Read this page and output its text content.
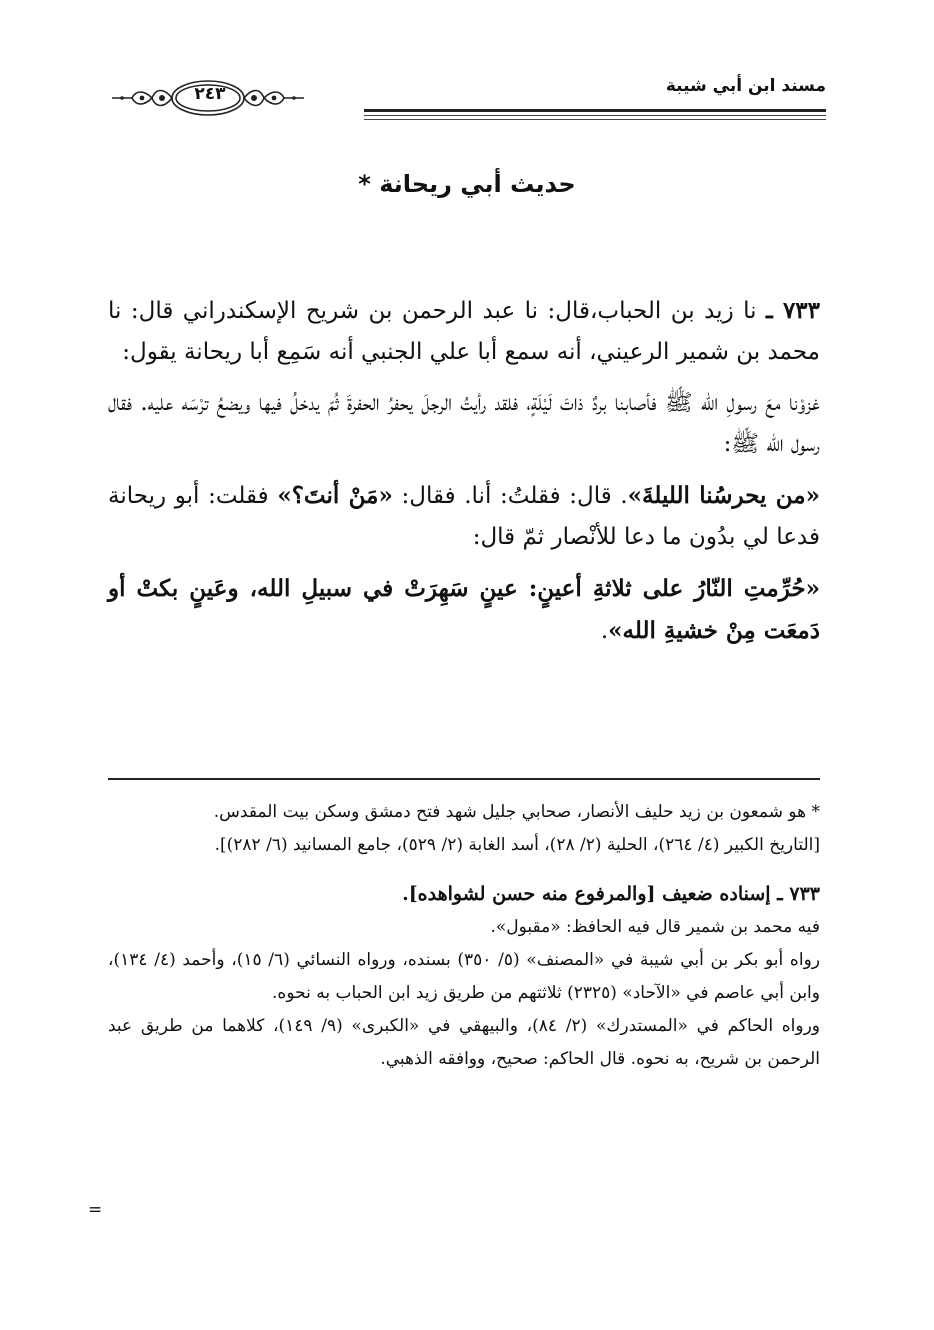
مسند ابن أبي شيبة
٢٤٣
حديث أبي ريحانة *

٧٣٣ ـ نا زيد بن الحباب،قال: نا عبد الرحمن بن شريح الإسكندراني قال: نا محمد بن شمير الرعيني، أنه سمع أبا علي الجنبي أنه سَمِع أبا ريحانة يقول:

غزوْنا معَ رسولِ الله ﷺ فأصابنا بردٌ ذاتَ لَيْلَةٍ، فلقد رأيتُ الرجلَ يحفرُ الحفرةَ ثُمّ يدخلُ فيها ويضعُ ترْسَه عليه. فقال رسول الله ﷺ:

«من يحرسُنا الليلةَ». قال: فقلتُ: أنا. فقال: «مَنْ أنتَ؟» فقلت: أبو ريحانة فدعا لي بدُون ما دعا للأنْصار ثمّ قال:

«حُرِّمتِ النّارُ على ثلاثةِ أعينٍ: عينٍ سَهِرَتْ في سبيلِ الله، وعَينٍ بكتْ أو دَمعَت مِنْ خشيةِ الله».

* هو شمعون بن زيد حليف الأنصار، صحابي جليل شهد فتح دمشق وسكن بيت المقدس.

[التاريخ الكبير (٤/ ٢٦٤)، الحلية (٢/ ٢٨)، أسد الغابة (٢/ ٥٢٩)، جامع المسانيد (٦/ ٢٨٢)].

٧٣٣ ـ إسناده ضعيف [والمرفوع منه حسن لشواهده].

فيه محمد بن شمير قال فيه الحافظ: «مقبول».

رواه أبو بكر بن أبي شيبة في «المصنف» (٥/ ٣٥٠) بسنده، ورواه النسائي (٦/ ١٥)، وأحمد (٤/ ١٣٤)، وابن أبي عاصم في «الآحاد» (٢٣٢٥) ثلاثتهم من طريق زيد ابن الحباب به نحوه.

ورواه الحاكم في «المستدرك» (٢/ ٨٤)، والبيهقي في «الكبرى» (٩/ ١٤٩)، كلاهما من طريق عبد الرحمن بن شريح، به نحوه. قال الحاكم: صحيح، ووافقه الذهبي.

=
